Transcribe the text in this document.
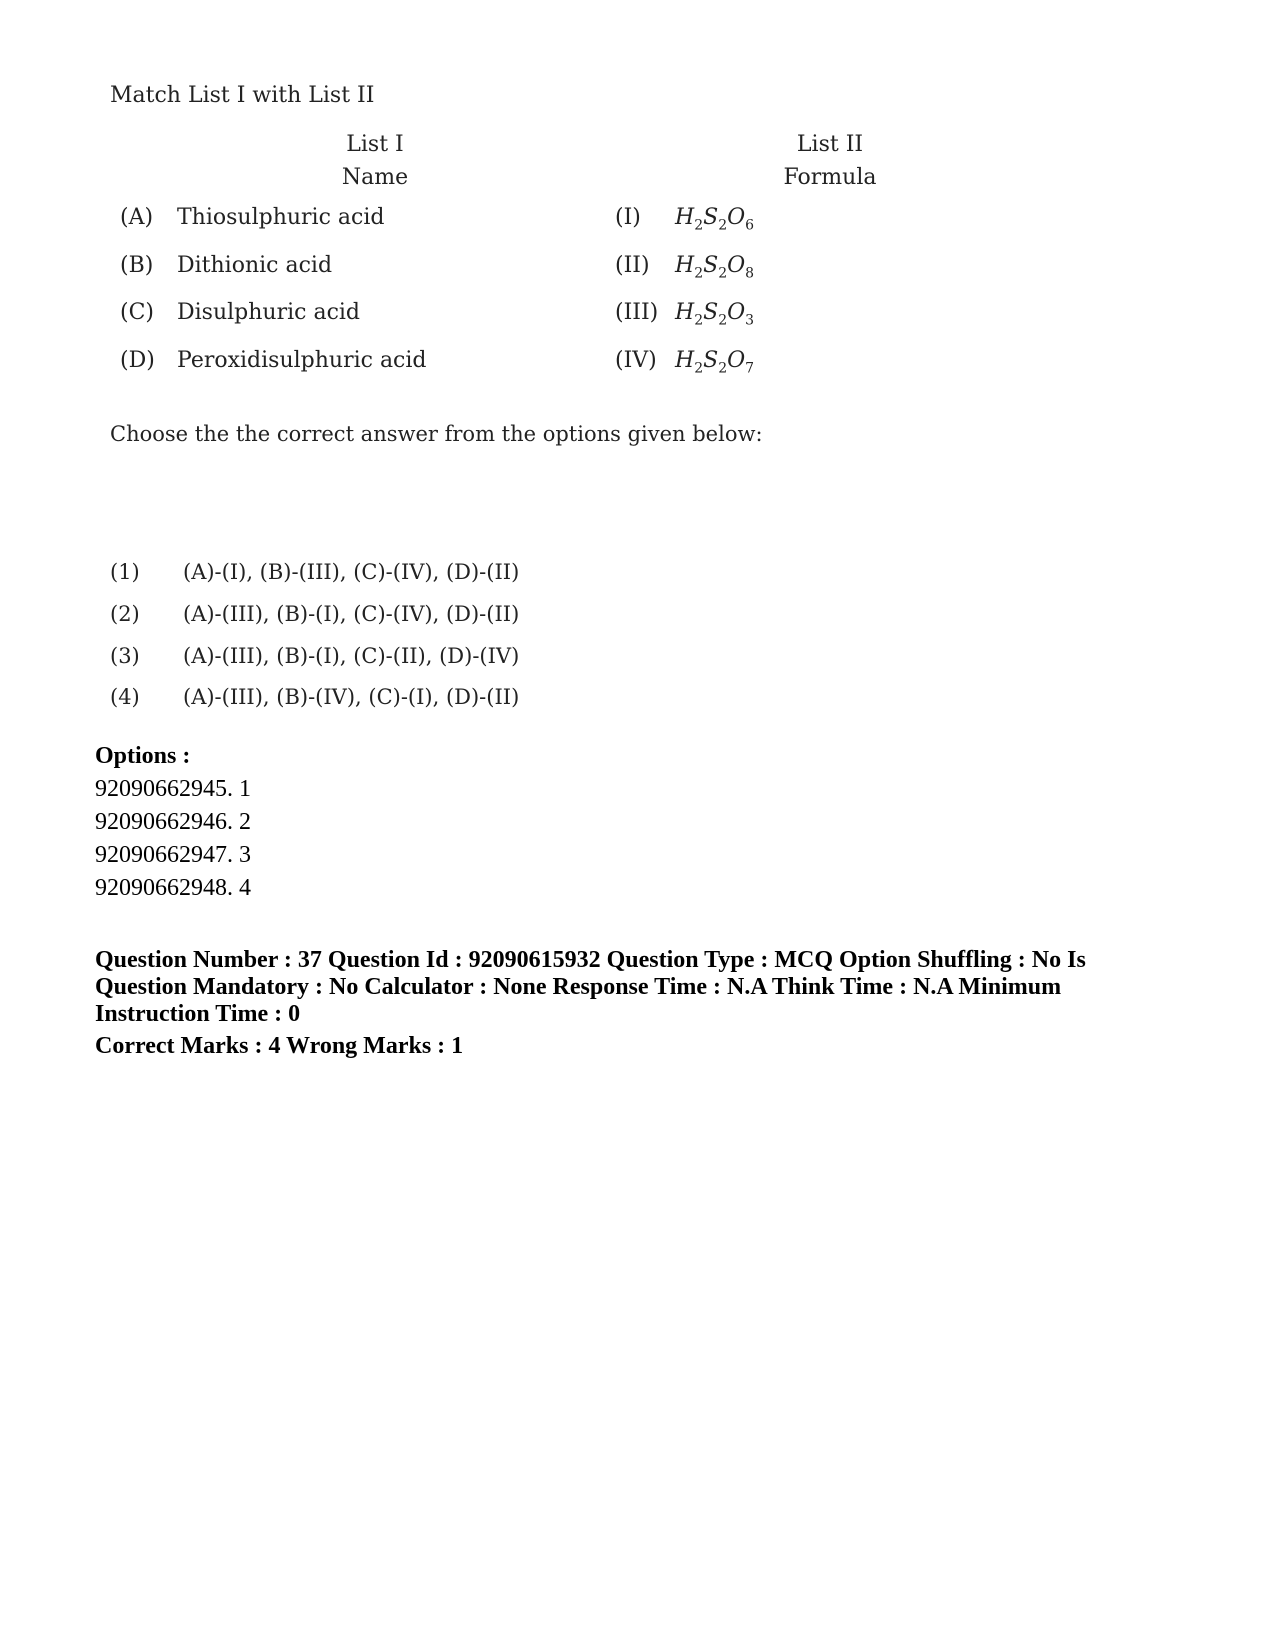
Match List I with List II
List I
Name
List II
Formula
(A) Thiosulphuric acid	(I) $H_2S_2O_6$
(B) Dithionic acid	(II) $H_2S_2O_8$
(C) Disulphuric acid	(III) $H_2S_2O_3$
(D) Peroxidisulphuric acid	(IV) $H_2S_2O_7$
Choose the the correct answer from the options given below:
(1) (A)-(I), (B)-(III), (C)-(IV), (D)-(II)
(2) (A)-(III), (B)-(I), (C)-(IV), (D)-(II)
(3) (A)-(III), (B)-(I), (C)-(II), (D)-(IV)
(4) (A)-(III), (B)-(IV), (C)-(I), (D)-(II)
Options :
92090662945. 1
92090662946. 2
92090662947. 3
92090662948. 4
Question Number : 37 Question Id : 92090615932 Question Type : MCQ Option Shuffling : No Is Question Mandatory : No Calculator : None Response Time : N.A Think Time : N.A Minimum Instruction Time : 0
Correct Marks : 4 Wrong Marks : 1
